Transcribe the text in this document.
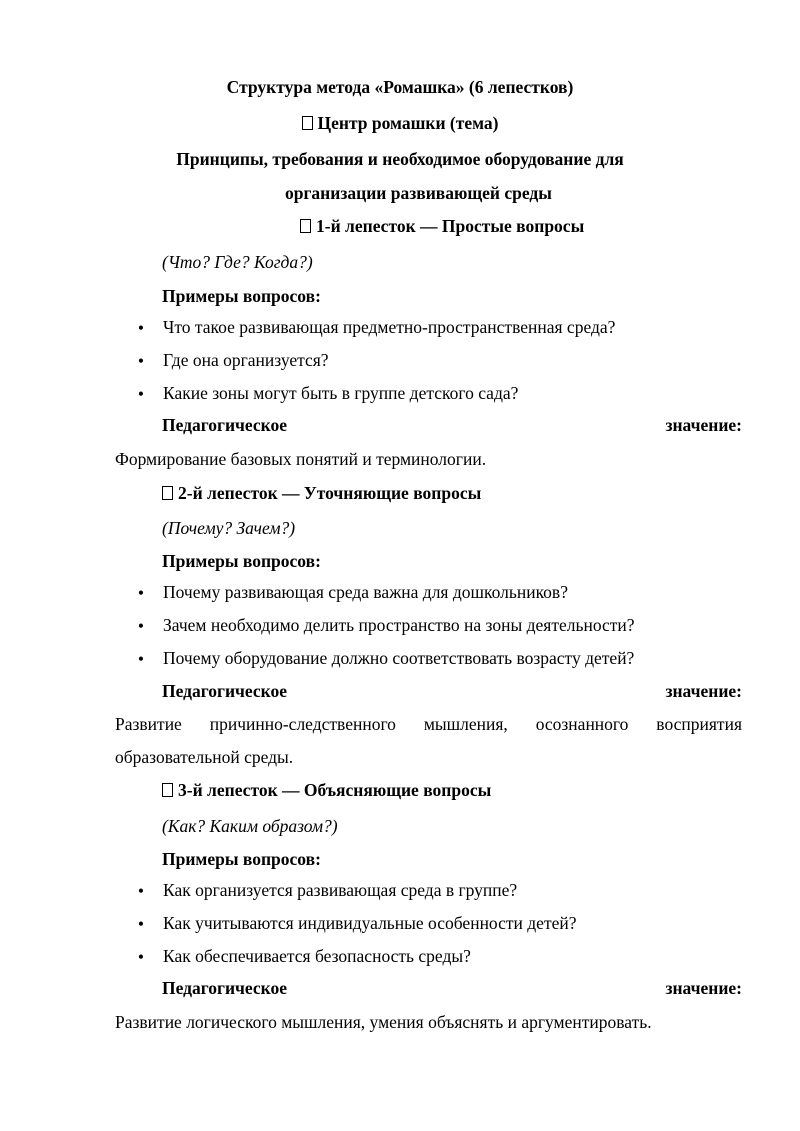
Структура метода «Ромашка» (6 лепестков)
Центр ромашки (тема)
Принципы, требования и необходимое оборудование для
организации развивающей среды
1-й лепесток — Простые вопросы
(Что? Где? Когда?)
Примеры вопросов:
• Что такое развивающая предметно-пространственная среда?
• Где она организуется?
• Какие зоны могут быть в группе детского сада?
Педагогическое	значение:
Формирование базовых понятий и терминологии.
2-й лепесток — Уточняющие вопросы
(Почему? Зачем?)
Примеры вопросов:
• Почему развивающая среда важна для дошкольников?
• Зачем необходимо делить пространство на зоны деятельности?
• Почему оборудование должно соответствовать возрасту детей?
Педагогическое	значение:
Развитие причинно-следственного мышления, осознанного восприятия
образовательной среды.
3-й лепесток — Объясняющие вопросы
(Как? Каким образом?)
Примеры вопросов:
• Как организуется развивающая среда в группе?
• Как учитываются индивидуальные особенности детей?
• Как обеспечивается безопасность среды?
Педагогическое	значение:
Развитие логического мышления, умения объяснять и аргументировать.
